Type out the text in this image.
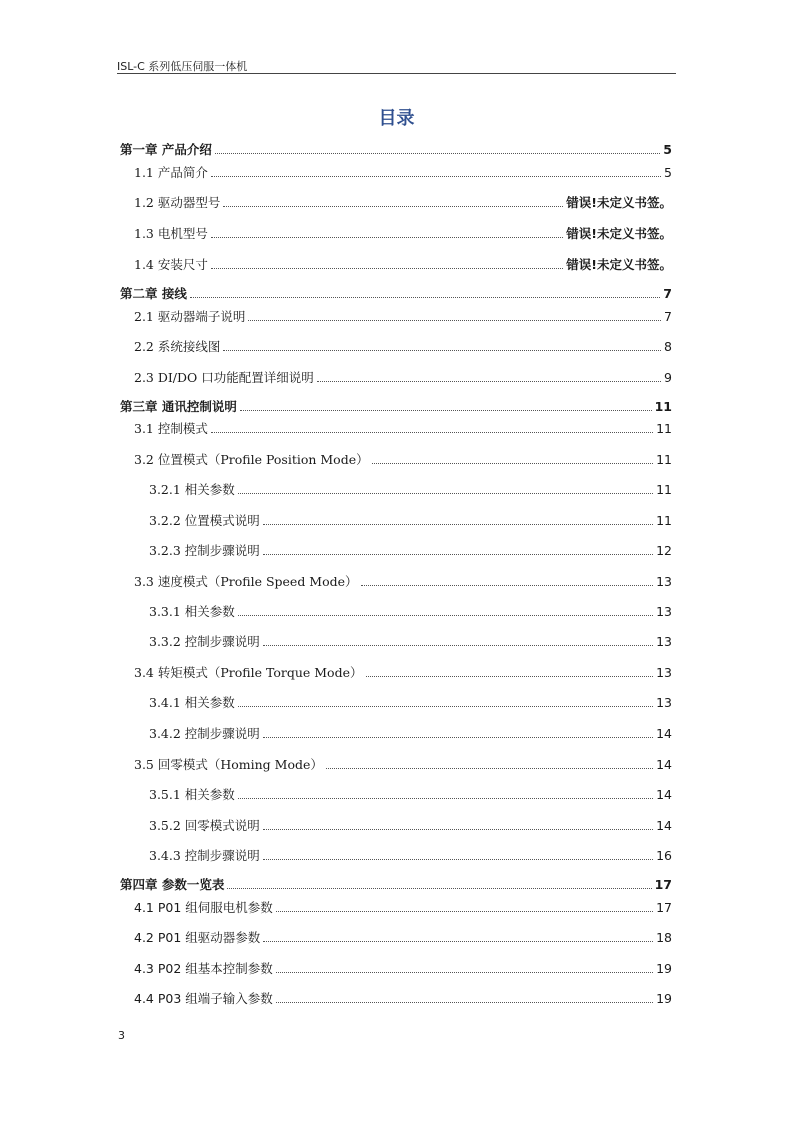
ISL-C 系列低压伺服一体机
目录
第一章 产品介绍	5
1.1 产品简介	5
1.2 驱动器型号	错误!未定义书签。
1.3 电机型号	错误!未定义书签。
1.4 安装尺寸	错误!未定义书签。
第二章 接线	7
2.1 驱动器端子说明	7
2.2 系统接线图	8
2.3 DI/DO 口功能配置详细说明	9
第三章 通讯控制说明	11
3.1 控制模式	11
3.2 位置模式（Profile Position Mode）	11
3.2.1 相关参数	11
3.2.2 位置模式说明	11
3.2.3 控制步骤说明	12
3.3 速度模式（Profile Speed Mode）	13
3.3.1 相关参数	13
3.3.2 控制步骤说明	13
3.4 转矩模式（Profile Torque Mode）	13
3.4.1 相关参数	13
3.4.2 控制步骤说明	14
3.5 回零模式（Homing Mode）	14
3.5.1 相关参数	14
3.5.2 回零模式说明	14
3.4.3 控制步骤说明	16
第四章 参数一览表	17
4.1 P01 组伺服电机参数	17
4.2 P01 组驱动器参数	18
4.3 P02 组基本控制参数	19
4.4 P03 组端子输入参数	19
3
